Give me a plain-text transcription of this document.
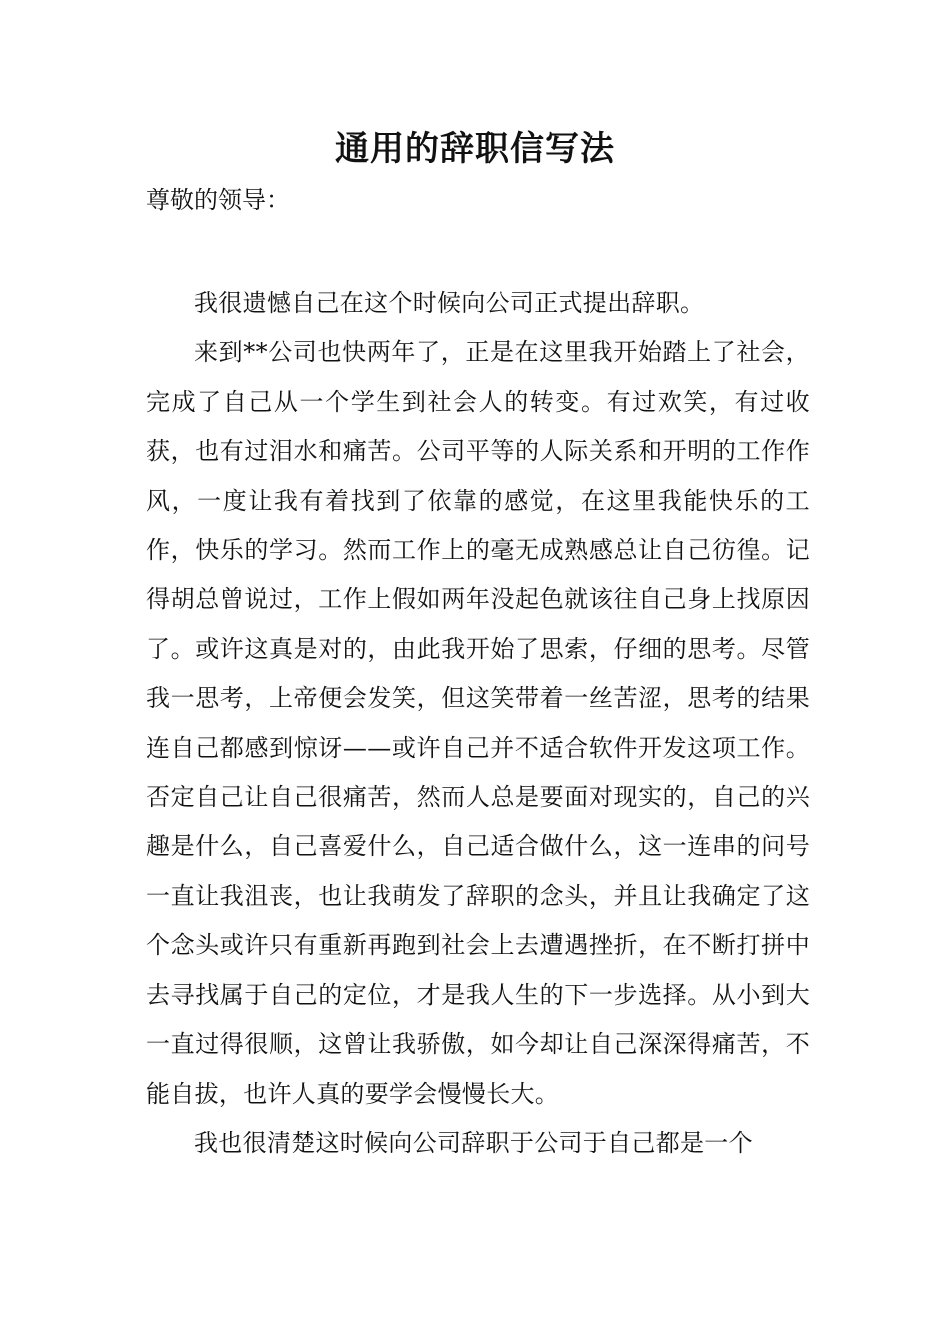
通用的辞职信写法
尊敬的领导：

我很遗憾自己在这个时候向公司正式提出辞职。

来到**公司也快两年了，正是在这里我开始踏上了社会，完成了自己从一个学生到社会人的转变。有过欢笑，有过收获，也有过泪水和痛苦。公司平等的人际关系和开明的工作作风，一度让我有着找到了依靠的感觉，在这里我能快乐的工作，快乐的学习。然而工作上的毫无成熟感总让自己彷徨。记得胡总曾说过，工作上假如两年没起色就该往自己身上找原因了。或许这真是对的，由此我开始了思索，仔细的思考。尽管我一思考，上帝便会发笑，但这笑带着一丝苦涩，思考的结果连自己都感到惊讶——或许自己并不适合软件开发这项工作。否定自己让自己很痛苦，然而人总是要面对现实的，自己的兴趣是什么，自己喜爱什么，自己适合做什么，这一连串的问号一直让我沮丧，也让我萌发了辞职的念头，并且让我确定了这个念头或许只有重新再跑到社会上去遭遇挫折，在不断打拼中去寻找属于自己的定位，才是我人生的下一步选择。从小到大一直过得很顺，这曾让我骄傲，如今却让自己深深得痛苦，不能自拔，也许人真的要学会慢慢长大。

我也很清楚这时候向公司辞职于公司于自己都是一个
